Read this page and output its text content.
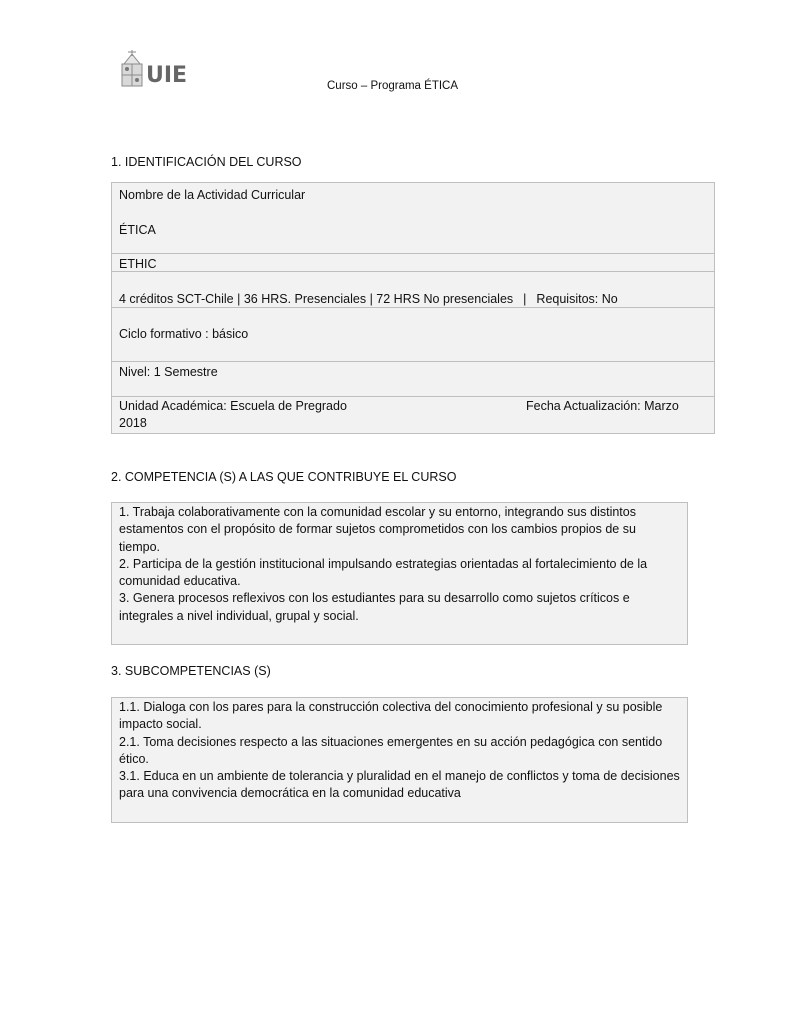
UIE	Curso – Programa ÉTICA
1. IDENTIFICACIÓN DEL CURSO
Nombre de la Actividad Curricular
ÉTICA
ETHIC
4 créditos SCT-Chile | 36 HRS. Presenciales | 72 HRS No presenciales | Requisitos: No
Ciclo formativo : básico
Nivel: 1 Semestre
Unidad Académica: Escuela de Pregrado	Fecha Actualización: Marzo
2018
2. COMPETENCIA (S) A LAS QUE CONTRIBUYE EL CURSO

1. Trabaja colaborativamente con la comunidad escolar y su entorno, integrando sus distintos estamentos con el propósito de formar sujetos comprometidos con los cambios propios de su tiempo.

2. Participa de la gestión institucional impulsando estrategias orientadas al fortalecimiento de la comunidad educativa.

3. Genera procesos reflexivos con los estudiantes para su desarrollo como sujetos críticos e integrales a nivel individual, grupal y social.

3. SUBCOMPETENCIAS (S)

1.1. Dialoga con los pares para la construcción colectiva del conocimiento profesional y su posible impacto social.

2.1. Toma decisiones respecto a las situaciones emergentes en su acción pedagógica con sentido ético.

3.1. Educa en un ambiente de tolerancia y pluralidad en el manejo de conflictos y toma de decisiones para una convivencia democrática en la comunidad educativa
